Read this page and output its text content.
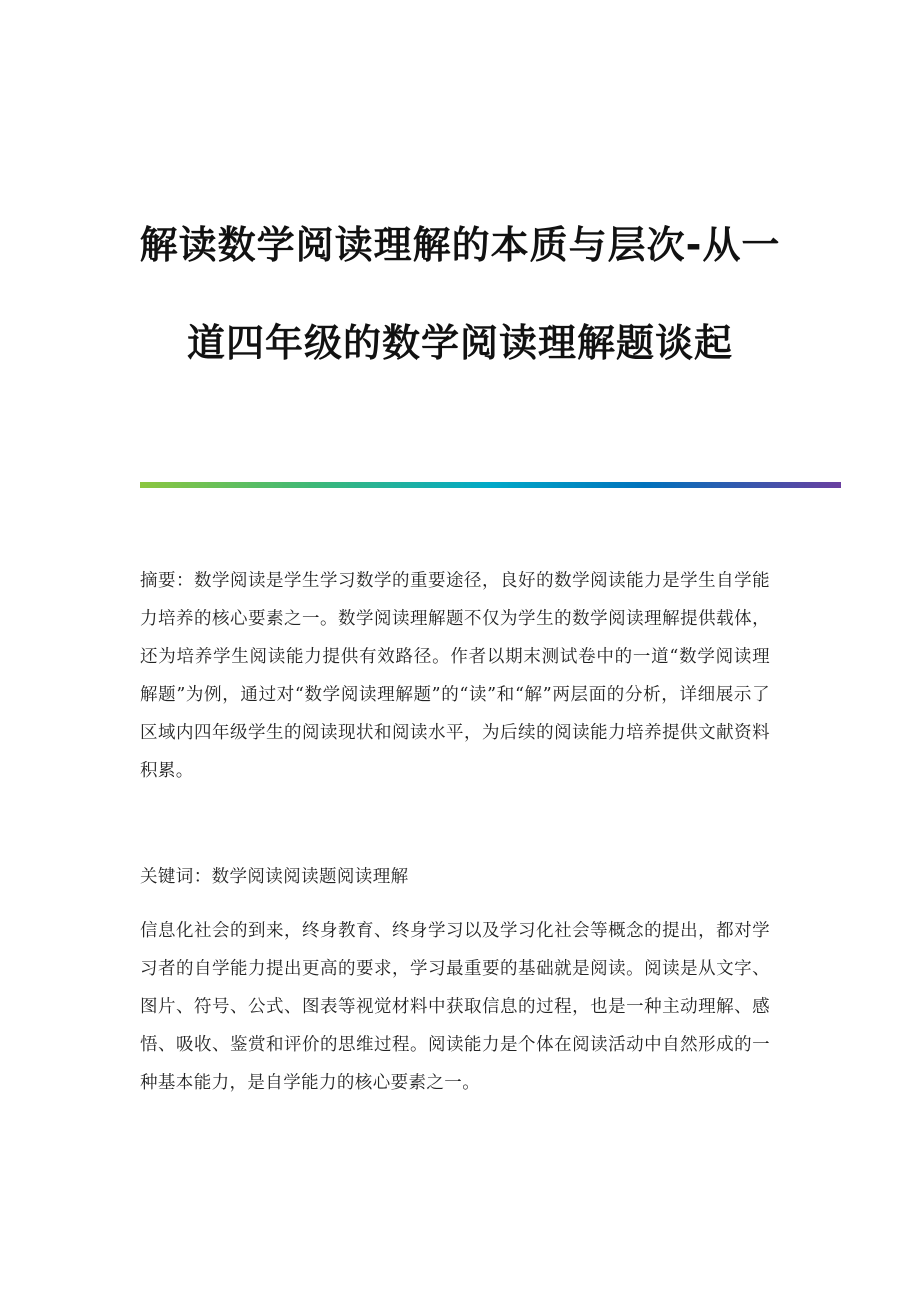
解读数学阅读理解的本质与层次-从一
道四年级的数学阅读理解题谈起

摘要：数学阅读是学生学习数学的重要途径，良好的数学阅读能力是学生自学能力培养的核心要素之一。数学阅读理解题不仅为学生的数学阅读理解提供载体，还为培养学生阅读能力提供有效路径。作者以期末测试卷中的一道“数学阅读理解题”为例，通过对“数学阅读理解题”的“读”和“解”两层面的分析，详细展示了区域内四年级学生的阅读现状和阅读水平，为后续的阅读能力培养提供文献资料积累。

关键词：数学阅读阅读题阅读理解

信息化社会的到来，终身教育、终身学习以及学习化社会等概念的提出，都对学习者的自学能力提出更高的要求，学习最重要的基础就是阅读。阅读是从文字、图片、符号、公式、图表等视觉材料中获取信息的过程，也是一种主动理解、感悟、吸收、鉴赏和评价的思维过程。阅读能力是个体在阅读活动中自然形成的一种基本能力，是自学能力的核心要素之一。
